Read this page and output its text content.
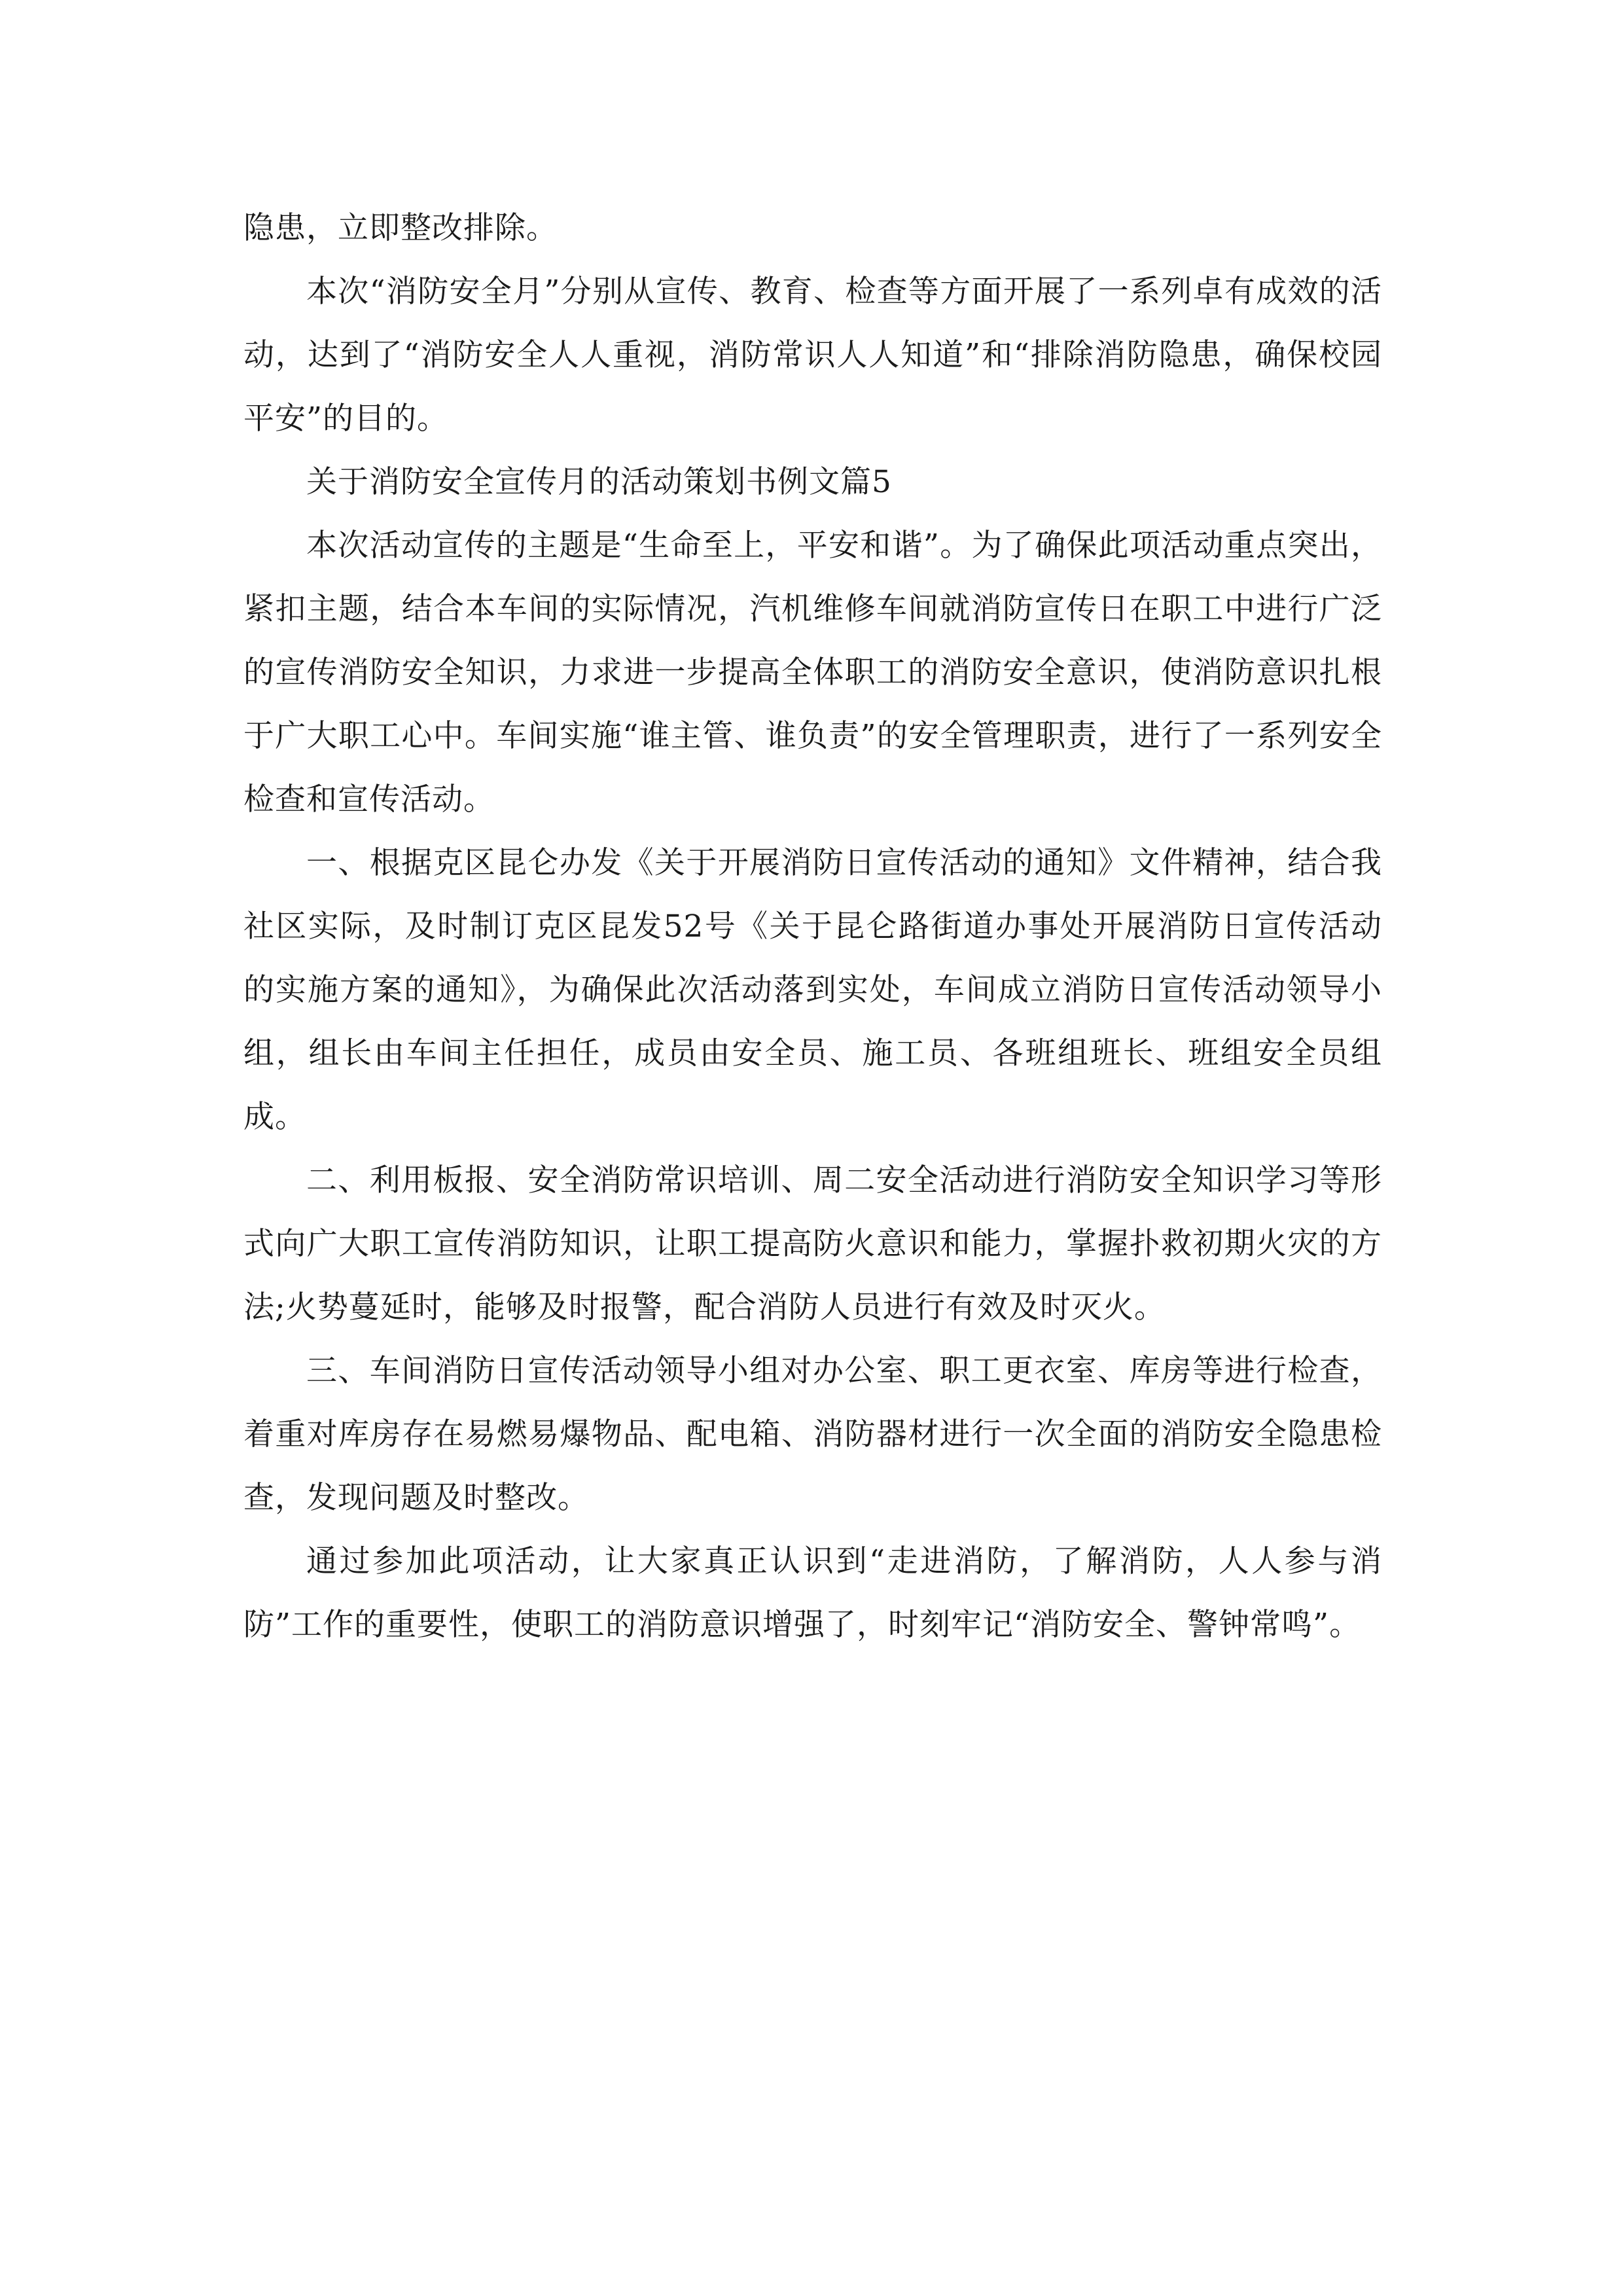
隐患，立即整改排除。

本次“消防安全月”分别从宣传、教育、检查等方面开展了一系列卓有成效的活动，达到了“消防安全人人重视，消防常识人人知道”和“排除消防隐患，确保校园平安”的目的。

关于消防安全宣传月的活动策划书例文篇5

本次活动宣传的主题是“生命至上，平安和谐”。为了确保此项活动重点突出，紧扣主题，结合本车间的实际情况，汽机维修车间就消防宣传日在职工中进行广泛的宣传消防安全知识，力求进一步提高全体职工的消防安全意识，使消防意识扎根于广大职工心中。车间实施“谁主管、谁负责”的安全管理职责，进行了一系列安全检查和宣传活动。

一、根据克区昆仑办发《关于开展消防日宣传活动的通知》文件精神，结合我社区实际，及时制订克区昆发52号《关于昆仑路街道办事处开展消防日宣传活动的实施方案的通知》，为确保此次活动落到实处，车间成立消防日宣传活动领导小组，组长由车间主任担任，成员由安全员、施工员、各班组班长、班组安全员组成。

二、利用板报、安全消防常识培训、周二安全活动进行消防安全知识学习等形式向广大职工宣传消防知识，让职工提高防火意识和能力，掌握扑救初期火灾的方法;火势蔓延时，能够及时报警，配合消防人员进行有效及时灭火。

三、车间消防日宣传活动领导小组对办公室、职工更衣室、库房等进行检查，着重对库房存在易燃易爆物品、配电箱、消防器材进行一次全面的消防安全隐患检查，发现问题及时整改。

通过参加此项活动，让大家真正认识到“走进消防，了解消防，人人参与消防”工作的重要性，使职工的消防意识增强了，时刻牢记“消防安全、警钟常鸣”。
